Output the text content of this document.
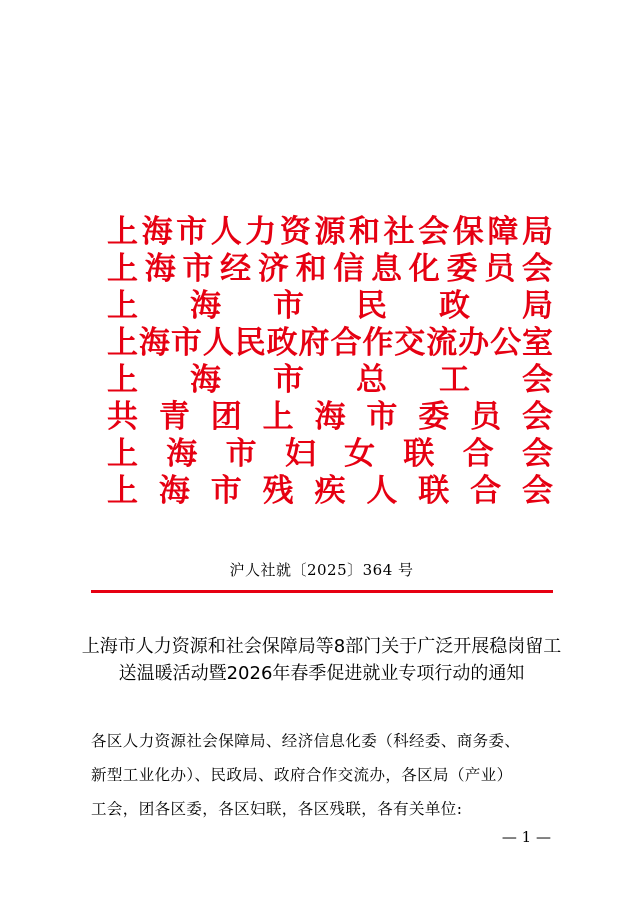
上 海 市 人 力 资 源 和 社 会 保 障 局
上 海 市 经 济 和 信 息 化 委 员 会
上 海 市 民 政 局
上 海 市 人 民 政 府 合 作 交 流 办 公 室
上 海 市 总 工 会
共 青 团 上 海 市 委 员 会
上 海 市 妇 女 联 合 会
上 海 市 残 疾 人 联 合 会
沪人社就〔2025〕364 号
上海市人力资源和社会保障局等8部门关于广泛开展稳岗留工
送温暖活动暨2026年春季促进就业专项行动的通知
各区人力资源社会保障局、经济信息化委（科经委、商务委、
新型工业化办）、民政局、政府合作交流办，各区局（产业）
工会，团各区委，各区妇联，各区残联，各有关单位:
— 1 —
